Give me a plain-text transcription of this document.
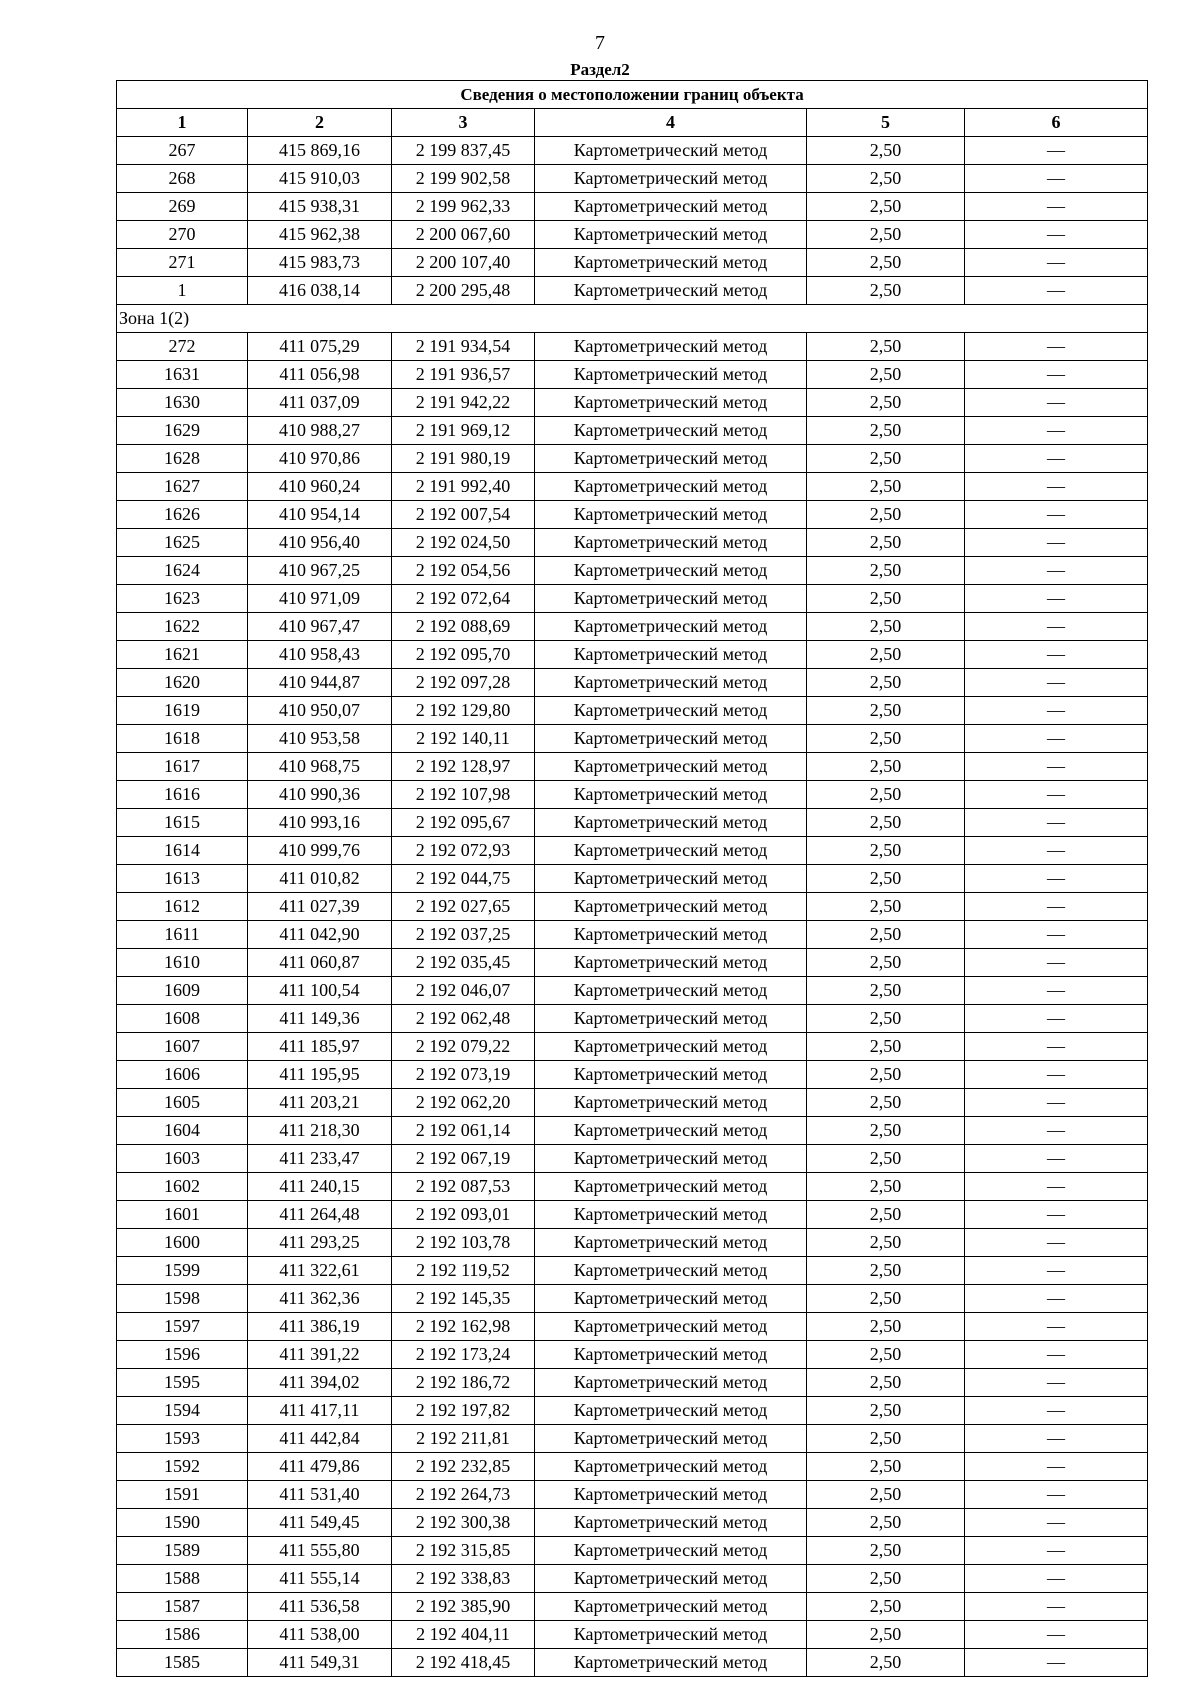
7
Раздел2
Сведения о местоположении границ объекта					
1	2	3	4	5	6
267	415 869,16	2 199 837,45	Картометрический метод	2,50	—
268	415 910,03	2 199 902,58	Картометрический метод	2,50	—
269	415 938,31	2 199 962,33	Картометрический метод	2,50	—
270	415 962,38	2 200 067,60	Картометрический метод	2,50	—
271	415 983,73	2 200 107,40	Картометрический метод	2,50	—
1	416 038,14	2 200 295,48	Картометрический метод	2,50	—
Зона 1(2)					
272	411 075,29	2 191 934,54	Картометрический метод	2,50	—
1631	411 056,98	2 191 936,57	Картометрический метод	2,50	—
1630	411 037,09	2 191 942,22	Картометрический метод	2,50	—
1629	410 988,27	2 191 969,12	Картометрический метод	2,50	—
1628	410 970,86	2 191 980,19	Картометрический метод	2,50	—
1627	410 960,24	2 191 992,40	Картометрический метод	2,50	—
1626	410 954,14	2 192 007,54	Картометрический метод	2,50	—
1625	410 956,40	2 192 024,50	Картометрический метод	2,50	—
1624	410 967,25	2 192 054,56	Картометрический метод	2,50	—
1623	410 971,09	2 192 072,64	Картометрический метод	2,50	—
1622	410 967,47	2 192 088,69	Картометрический метод	2,50	—
1621	410 958,43	2 192 095,70	Картометрический метод	2,50	—
1620	410 944,87	2 192 097,28	Картометрический метод	2,50	—
1619	410 950,07	2 192 129,80	Картометрический метод	2,50	—
1618	410 953,58	2 192 140,11	Картометрический метод	2,50	—
1617	410 968,75	2 192 128,97	Картометрический метод	2,50	—
1616	410 990,36	2 192 107,98	Картометрический метод	2,50	—
1615	410 993,16	2 192 095,67	Картометрический метод	2,50	—
1614	410 999,76	2 192 072,93	Картометрический метод	2,50	—
1613	411 010,82	2 192 044,75	Картометрический метод	2,50	—
1612	411 027,39	2 192 027,65	Картометрический метод	2,50	—
1611	411 042,90	2 192 037,25	Картометрический метод	2,50	—
1610	411 060,87	2 192 035,45	Картометрический метод	2,50	—
1609	411 100,54	2 192 046,07	Картометрический метод	2,50	—
1608	411 149,36	2 192 062,48	Картометрический метод	2,50	—
1607	411 185,97	2 192 079,22	Картометрический метод	2,50	—
1606	411 195,95	2 192 073,19	Картометрический метод	2,50	—
1605	411 203,21	2 192 062,20	Картометрический метод	2,50	—
1604	411 218,30	2 192 061,14	Картометрический метод	2,50	—
1603	411 233,47	2 192 067,19	Картометрический метод	2,50	—
1602	411 240,15	2 192 087,53	Картометрический метод	2,50	—
1601	411 264,48	2 192 093,01	Картометрический метод	2,50	—
1600	411 293,25	2 192 103,78	Картометрический метод	2,50	—
1599	411 322,61	2 192 119,52	Картометрический метод	2,50	—
1598	411 362,36	2 192 145,35	Картометрический метод	2,50	—
1597	411 386,19	2 192 162,98	Картометрический метод	2,50	—
1596	411 391,22	2 192 173,24	Картометрический метод	2,50	—
1595	411 394,02	2 192 186,72	Картометрический метод	2,50	—
1594	411 417,11	2 192 197,82	Картометрический метод	2,50	—
1593	411 442,84	2 192 211,81	Картометрический метод	2,50	—
1592	411 479,86	2 192 232,85	Картометрический метод	2,50	—
1591	411 531,40	2 192 264,73	Картометрический метод	2,50	—
1590	411 549,45	2 192 300,38	Картометрический метод	2,50	—
1589	411 555,80	2 192 315,85	Картометрический метод	2,50	—
1588	411 555,14	2 192 338,83	Картометрический метод	2,50	—
1587	411 536,58	2 192 385,90	Картометрический метод	2,50	—
1586	411 538,00	2 192 404,11	Картометрический метод	2,50	—
1585	411 549,31	2 192 418,45	Картометрический метод	2,50	—
